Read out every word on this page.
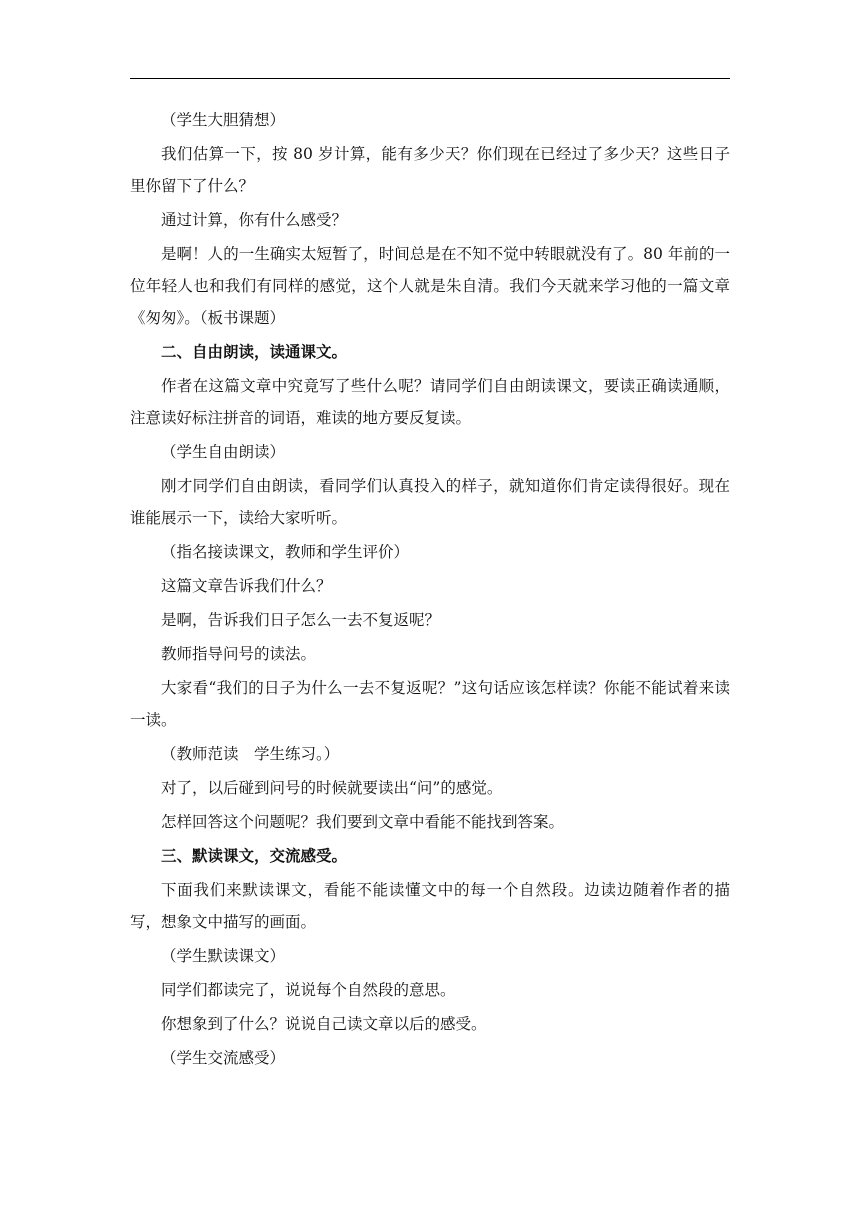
（学生大胆猜想）

我们估算一下，按 80 岁计算，能有多少天？你们现在已经过了多少天？这些日子里你留下了什么？

通过计算，你有什么感受？

是啊！人的一生确实太短暂了，时间总是在不知不觉中转眼就没有了。80 年前的一位年轻人也和我们有同样的感觉，这个人就是朱自清。我们今天就来学习他的一篇文章《匆匆》。（板书课题）

二、自由朗读，读通课文。

作者在这篇文章中究竟写了些什么呢？请同学们自由朗读课文，要读正确读通顺，注意读好标注拼音的词语，难读的地方要反复读。

（学生自由朗读）

刚才同学们自由朗读，看同学们认真投入的样子，就知道你们肯定读得很好。现在谁能展示一下，读给大家听听。

（指名接读课文，教师和学生评价）

这篇文章告诉我们什么？

是啊，告诉我们日子怎么一去不复返呢？

教师指导问号的读法。

大家看“我们的日子为什么一去不复返呢？”这句话应该怎样读？你能不能试着来读一读。

（教师范读　学生练习。）

对了，以后碰到问号的时候就要读出“问”的感觉。

怎样回答这个问题呢？我们要到文章中看能不能找到答案。

三、默读课文，交流感受。

下面我们来默读课文，看能不能读懂文中的每一个自然段。边读边随着作者的描写，想象文中描写的画面。

（学生默读课文）

同学们都读完了，说说每个自然段的意思。

你想象到了什么？说说自己读文章以后的感受。

（学生交流感受）
